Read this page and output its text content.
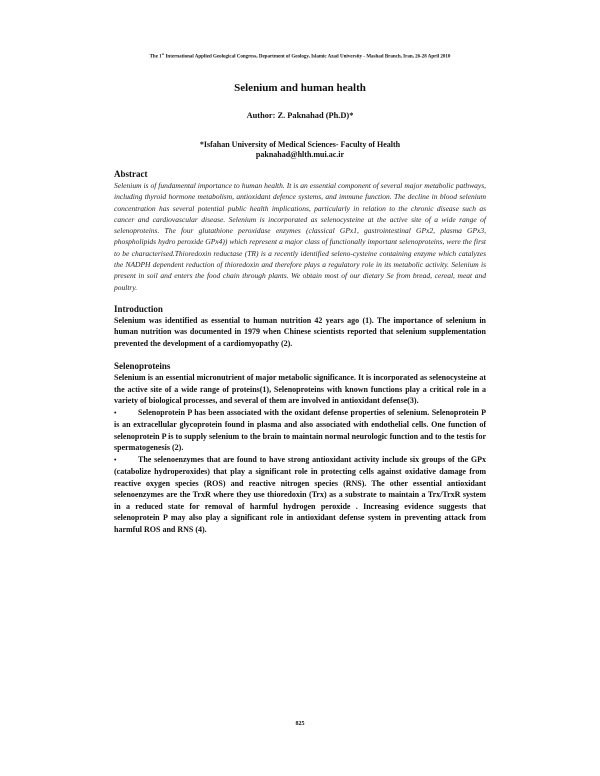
The 1st International Applied Geological Congress, Department of Geology, Islamic Azad University - Mashad Branch, Iran, 26-28 April 2010
Selenium and human health
Author: Z. Paknahad (Ph.D)*
*Isfahan University of Medical Sciences- Faculty of Health
paknahad@hlth.mui.ac.ir

Abstract

Selenium is of fundamental importance to human health. It is an essential component of several major metabolic pathways, including thyroid hormone metabolism, antioxidant defence systems, and immune function. The decline in blood selenium concentration has several potential public health implications, particularly in relation to the chronic disease such as cancer and cardiovascular disease. Selenium is incorporated as selenocysteine at the active site of a wide range of selenoproteins. The four glutathione peroxidase enzymes (classical GPx1, gastrointestinal GPx2, plasma GPx3, phospholipids hydro peroxide GPx4)) which represent a major class of functionally important selenoproteins, were the first to be characterised.Thioredoxin reductase (TR) is a recently identified seleno-cysteine containing enzyme which catalyzes the NADPH dependent reduction of thioredoxin and therefore plays a regulatory role in its metabolic activity. Selenium is present in soil and enters the food chain through plants. We obtain most of our dietary Se from bread, cereal, meat and poultry.

Introduction

Selenium was identified as essential to human nutrition 42 years ago (1). The importance of selenium in human nutrition was documented in 1979 when Chinese scientists reported that selenium supplementation prevented the development of a cardiomyopathy (2).

Selenoproteins

Selenium is an essential micronutrient of major metabolic significance. It is incorporated as selenocysteine at the active site of a wide range of proteins(1), Selenoproteins with known functions play a critical role in a variety of biological processes, and several of them are involved in antioxidant defense(3).

•	Selenoprotein P has been associated with the oxidant defense properties of selenium. Selenoprotein P is an extracellular glycoprotein found in plasma and also associated with endothelial cells. One function of selenoprotein P is to supply selenium to the brain to maintain normal neurologic function and to the testis for spermatogenesis (2).

•	The selenoenzymes that are found to have strong antioxidant activity include six groups of the GPx (catabolize hydroperoxides) that play a significant role in protecting cells against oxidative damage from reactive oxygen species (ROS) and reactive nitrogen species (RNS). The other essential antioxidant selenoenzymes are the TrxR where they use thioredoxin (Trx) as a substrate to maintain a Trx/TrxR system in a reduced state for removal of harmful hydrogen peroxide . Increasing evidence suggests that selenoprotein P may also play a significant role in antioxidant defense system in preventing attack from harmful ROS and RNS (4).

825
